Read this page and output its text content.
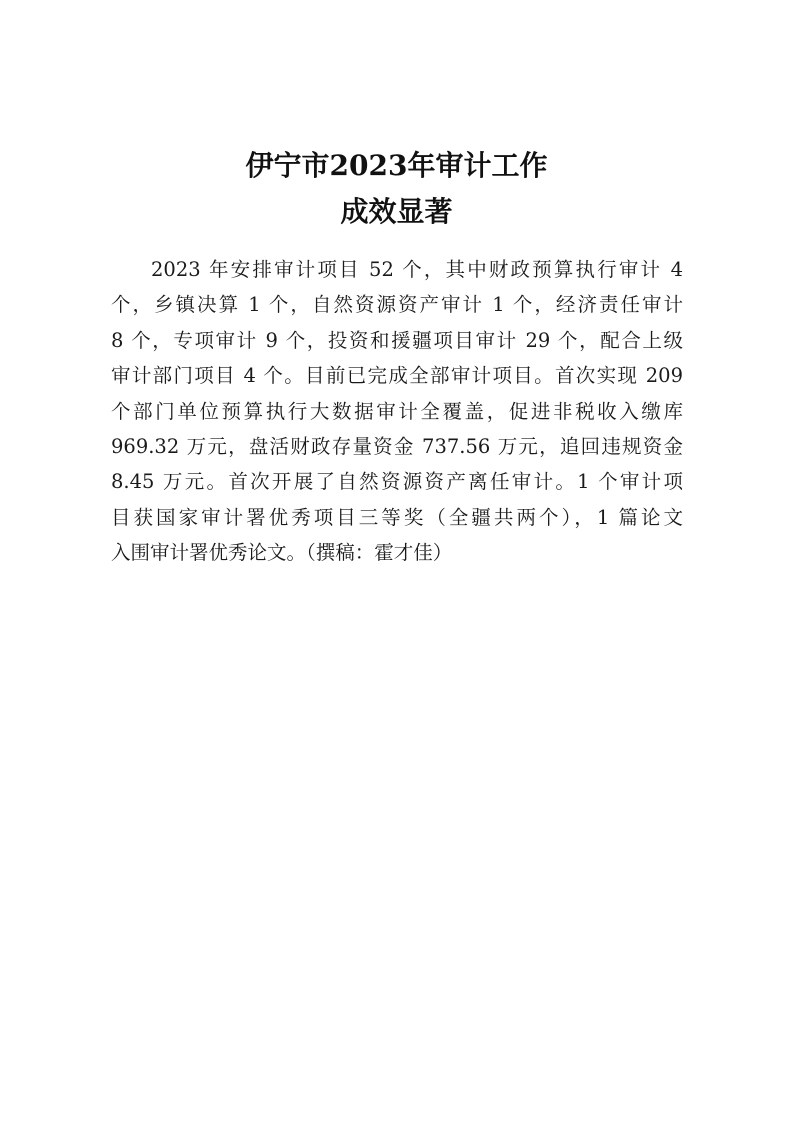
伊宁市2023年审计工作
成效显著
2023 年安排审计项目 52 个，其中财政预算执行审计 4
个，乡镇决算 1 个，自然资源资产审计 1 个，经济责任审计
8 个，专项审计 9 个，投资和援疆项目审计 29 个，配合上级
审计部门项目 4 个。目前已完成全部审计项目。首次实现 209
个部门单位预算执行大数据审计全覆盖，促进非税收入缴库
969.32 万元，盘活财政存量资金 737.56 万元，追回违规资金
8.45 万元。首次开展了自然资源资产离任审计。1 个审计项
目获国家审计署优秀项目三等奖（全疆共两个），1 篇论文
入围审计署优秀论文。（撰稿：霍才佳）
